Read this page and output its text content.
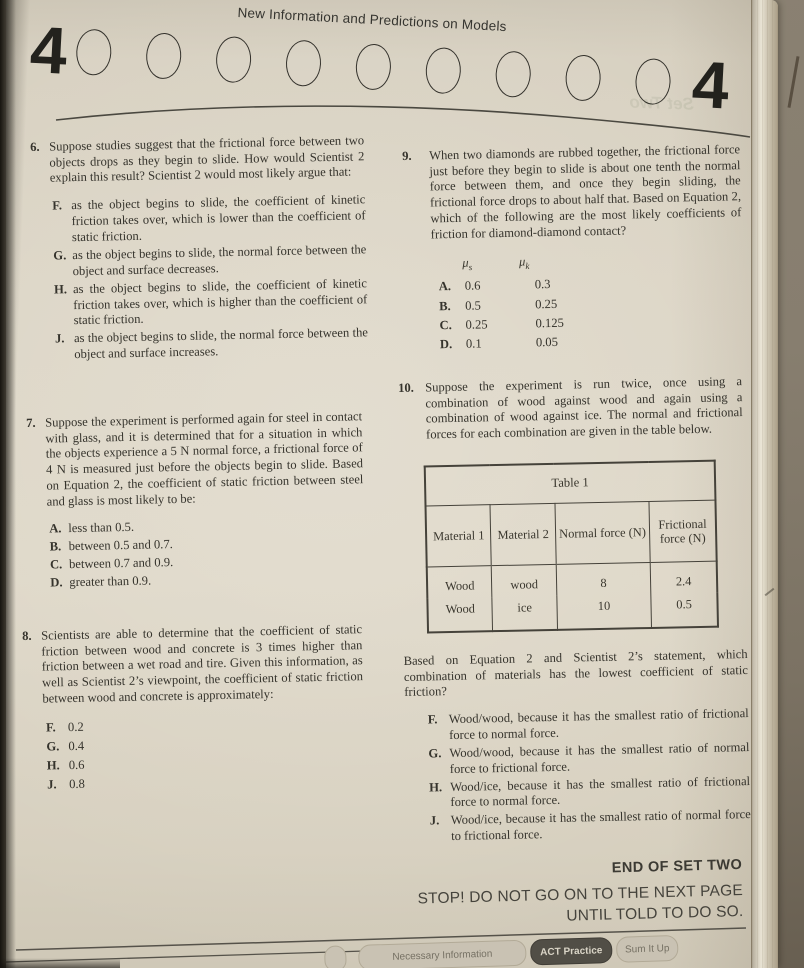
New Information and Predictions on Models
4	4
Set Two
6. Suppose studies suggest that the frictional force between two objects drops as they begin to slide. How would Scientist 2 explain this result? Scientist 2 would most likely argue that:
F. as the object begins to slide, the coefficient of kinetic friction takes over, which is lower than the coefficient of static friction.
G. as the object begins to slide, the normal force between the object and surface decreases.
H. as the object begins to slide, the coefficient of kinetic friction takes over, which is higher than the coefficient of static friction.
J. as the object begins to slide, the normal force between the object and surface increases.
7. Suppose the experiment is performed again for steel in contact with glass, and it is determined that for a situation in which the objects experience a 5 N normal force, a frictional force of 4 N is measured just before the objects begin to slide. Based on Equation 2, the coefficient of static friction between steel and glass is most likely to be:
A. less than 0.5.
B. between 0.5 and 0.7.
C. between 0.7 and 0.9.
D. greater than 0.9.
8. Scientists are able to determine that the coefficient of static friction between wood and concrete is 3 times higher than friction between a wet road and tire. Given this information, as well as Scientist 2’s viewpoint, the coefficient of static friction between wood and concrete is approximately:
F. 0.2
G. 0.4
H. 0.6
J. 0.8
9. When two diamonds are rubbed together, the frictional force just before they begin to slide is about one tenth the normal force between them, and once they begin sliding, the frictional force drops to about half that. Based on Equation 2, which of the following are the most likely coefficients of friction for diamond-diamond contact?
$\mu_s$	$\mu_k$
A.	0.6	0.3
B.	0.5	0.25
C.	0.25	0.125
D.	0.1	0.05
10. Suppose the experiment is run twice, once using a combination of wood against wood and again using a combination of wood against ice. The normal and frictional forces for each combination are given in the table below.
Table 1			
Material 1	Material 2	Normal force (N)	Frictional force (N)
Wood	wood	8	2.4
Wood	ice	10	0.5
Based on Equation 2 and Scientist 2’s statement, which combination of materials has the lowest coefficient of static friction?
F. Wood/wood, because it has the smallest ratio of frictional force to normal force.
G. Wood/wood, because it has the smallest ratio of normal force to frictional force.
H. Wood/ice, because it has the smallest ratio of frictional force to normal force.
J. Wood/ice, because it has the smallest ratio of normal force to frictional force.
END OF SET TWO
STOP! DO NOT GO ON TO THE NEXT PAGE
UNTIL TOLD TO DO SO.
Necessary Information	ACT Practice Sum It Up
